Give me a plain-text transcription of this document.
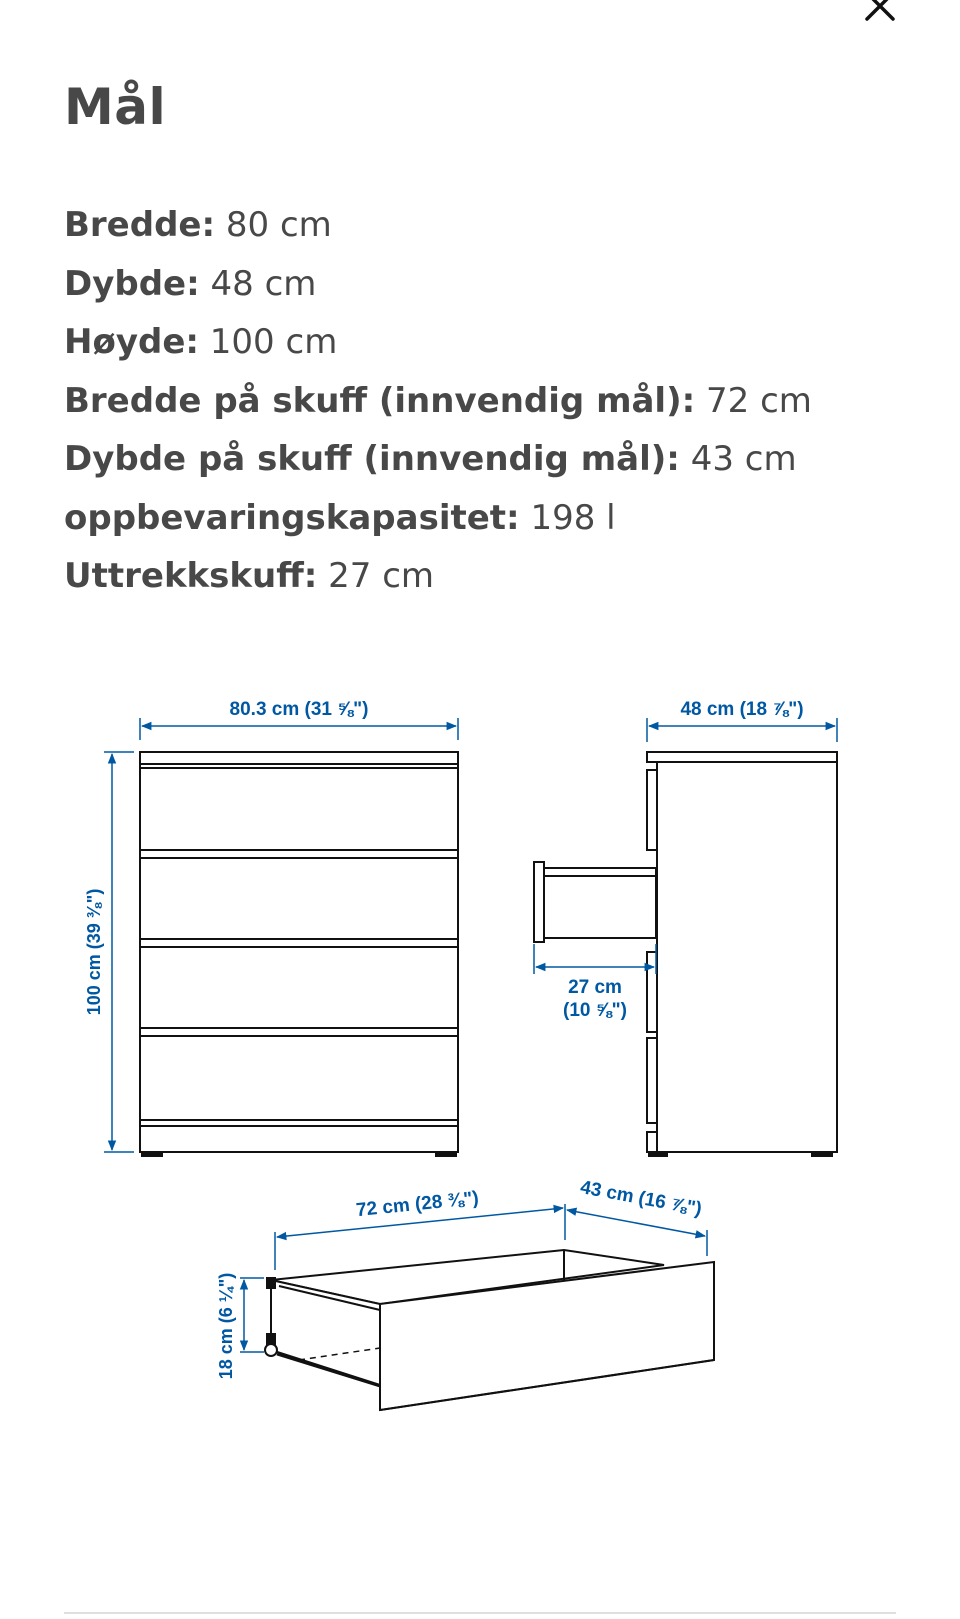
Mål
Bredde: 80 cm
Dybde: 48 cm
Høyde: 100 cm
Bredde på skuff (innvendig mål): 72 cm
Dybde på skuff (innvendig mål): 43 cm
oppbevaringskapasitet: 198 l
Uttrekkskuff: 27 cm
80.3 cm (31 ⅝")
100 cm (39 ⅜")
48 cm (18 ⅞")
27 cm
(10 ⅝")
72 cm (28 ⅜")	43 cm (16 ⅞")
18 cm (6 ¼")
